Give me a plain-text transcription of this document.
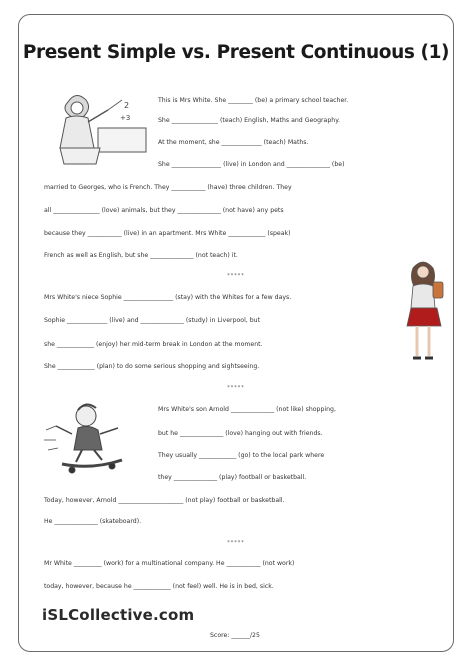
Present Simple vs. Present Continuous (1)
2
+3
This is Mrs White. She ________ (be) a primary school teacher.
She _______________ (teach) English, Maths and Geography.
At the moment, she _____________ (teach) Maths.
She ________________ (live) in London and ______________ (be)
married to Georges, who is French. They ___________ (have) three children. They
all _______________ (love) animals, but they ______________ (not have) any pets
because they ___________ (live) in an apartment. Mrs White ____________ (speak)
French as well as English, but she ______________ (not teach) it.
Mrs White's niece Sophie ________________ (stay) with the Whites for a few days.
Sophie _____________ (live) and ______________ (study) in Liverpool, but
she ____________ (enjoy) her mid-term break in London at the moment.
She ____________ (plan) to do some serious shopping and sightseeing.
Mrs White's son Arnold ______________ (not like) shopping,
but he ______________ (love) hanging out with friends.
They usually ____________ (go) to the local park where
they ______________ (play) football or basketball.
Today, however, Arnold _____________________ (not play) football or basketball.
He ______________ (skateboard).
Mr White _________ (work) for a multinational company. He ___________ (not work)
today, however, because he ____________ (not feel) well. He is in bed, sick.
*****
*****
*****
iSLCollective.com
Score: ______/25
